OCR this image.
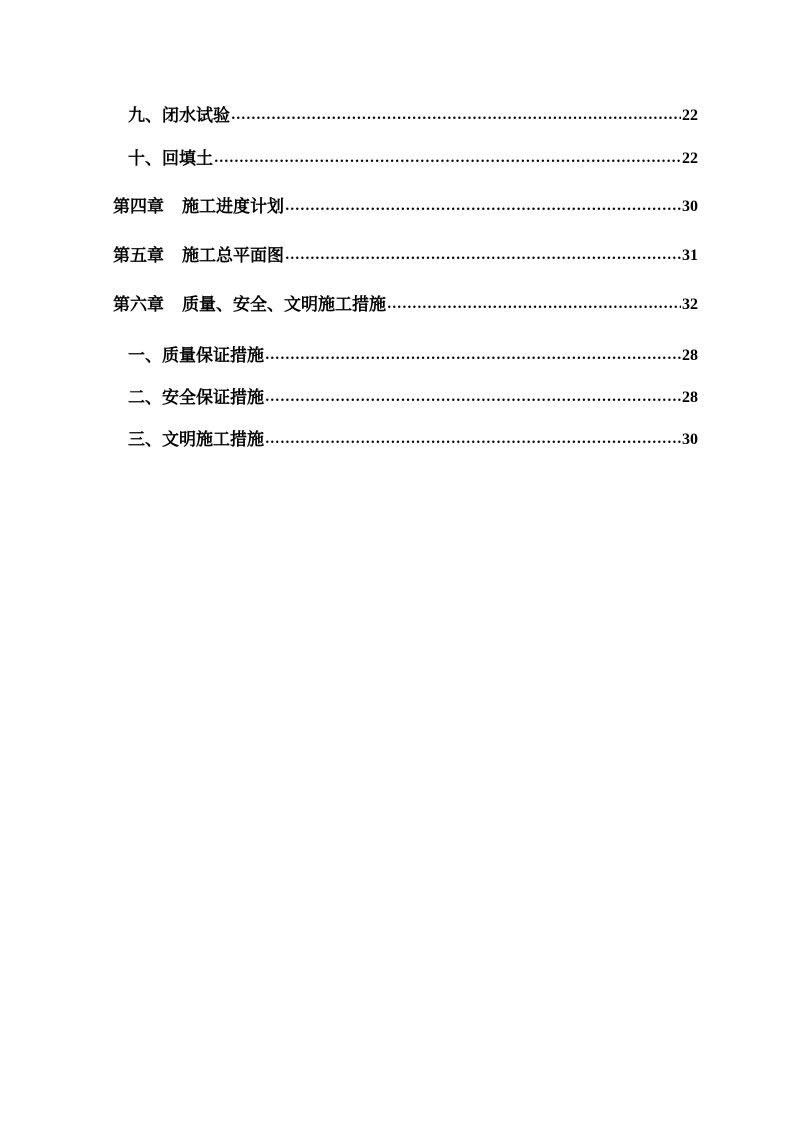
九、闭水试验 .....	22
十、回填土 .....	22
第四章 施工进度计划 .....	30
第五章 施工总平面图 .....	31
第六章 质量、安全、文明施工措施 .....	32
一、质量保证措施 .....	28
二、安全保证措施 .....	28
三、文明施工措施 .....	30
